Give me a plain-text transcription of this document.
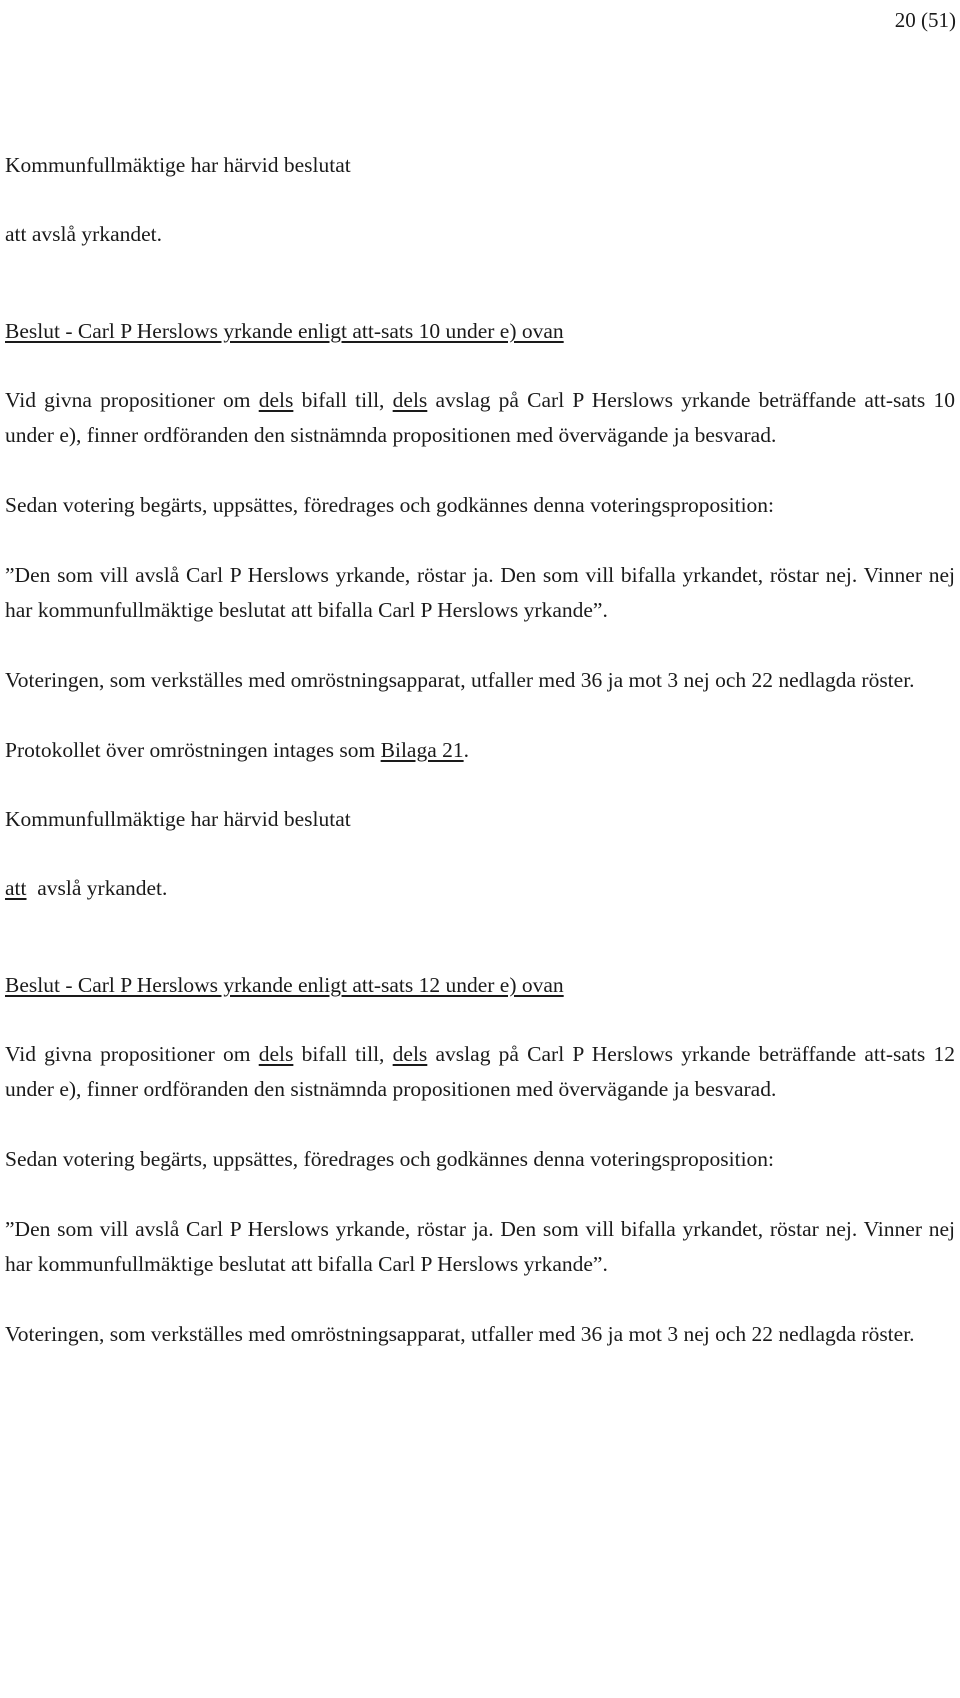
20 (51)

Kommunfullmäktige har härvid beslutat

att avslå yrkandet.

Beslut - Carl P Herslows yrkande enligt att-sats 10 under e) ovan

Vid givna propositioner om dels bifall till, dels avslag på Carl P Herslows yrkande beträffande att-sats 10 under e), finner ordföranden den sistnämnda propositionen med övervägande ja besvarad.

Sedan votering begärts, uppsättes, föredrages och godkännes denna voteringsproposition:

”Den som vill avslå Carl P Herslows yrkande, röstar ja. Den som vill bifalla yrkandet, röstar nej. Vinner nej har kommunfullmäktige beslutat att bifalla Carl P Herslows yrkande”.

Voteringen, som verkställes med omröstningsapparat, utfaller med 36 ja mot 3 nej och 22 nedlagda röster.

Protokollet över omröstningen intages som Bilaga 21.

Kommunfullmäktige har härvid beslutat

att  avslå yrkandet.

Beslut - Carl P Herslows yrkande enligt att-sats 12 under e) ovan

Vid givna propositioner om dels bifall till, dels avslag på Carl P Herslows yrkande beträffande att-sats 12 under e), finner ordföranden den sistnämnda propositionen med övervägande ja besvarad.

Sedan votering begärts, uppsättes, föredrages och godkännes denna voteringsproposition:

”Den som vill avslå Carl P Herslows yrkande, röstar ja. Den som vill bifalla yrkandet, röstar nej. Vinner nej har kommunfullmäktige beslutat att bifalla Carl P Herslows yrkande”.

Voteringen, som verkställes med omröstningsapparat, utfaller med 36 ja mot 3 nej och 22 nedlagda röster.
